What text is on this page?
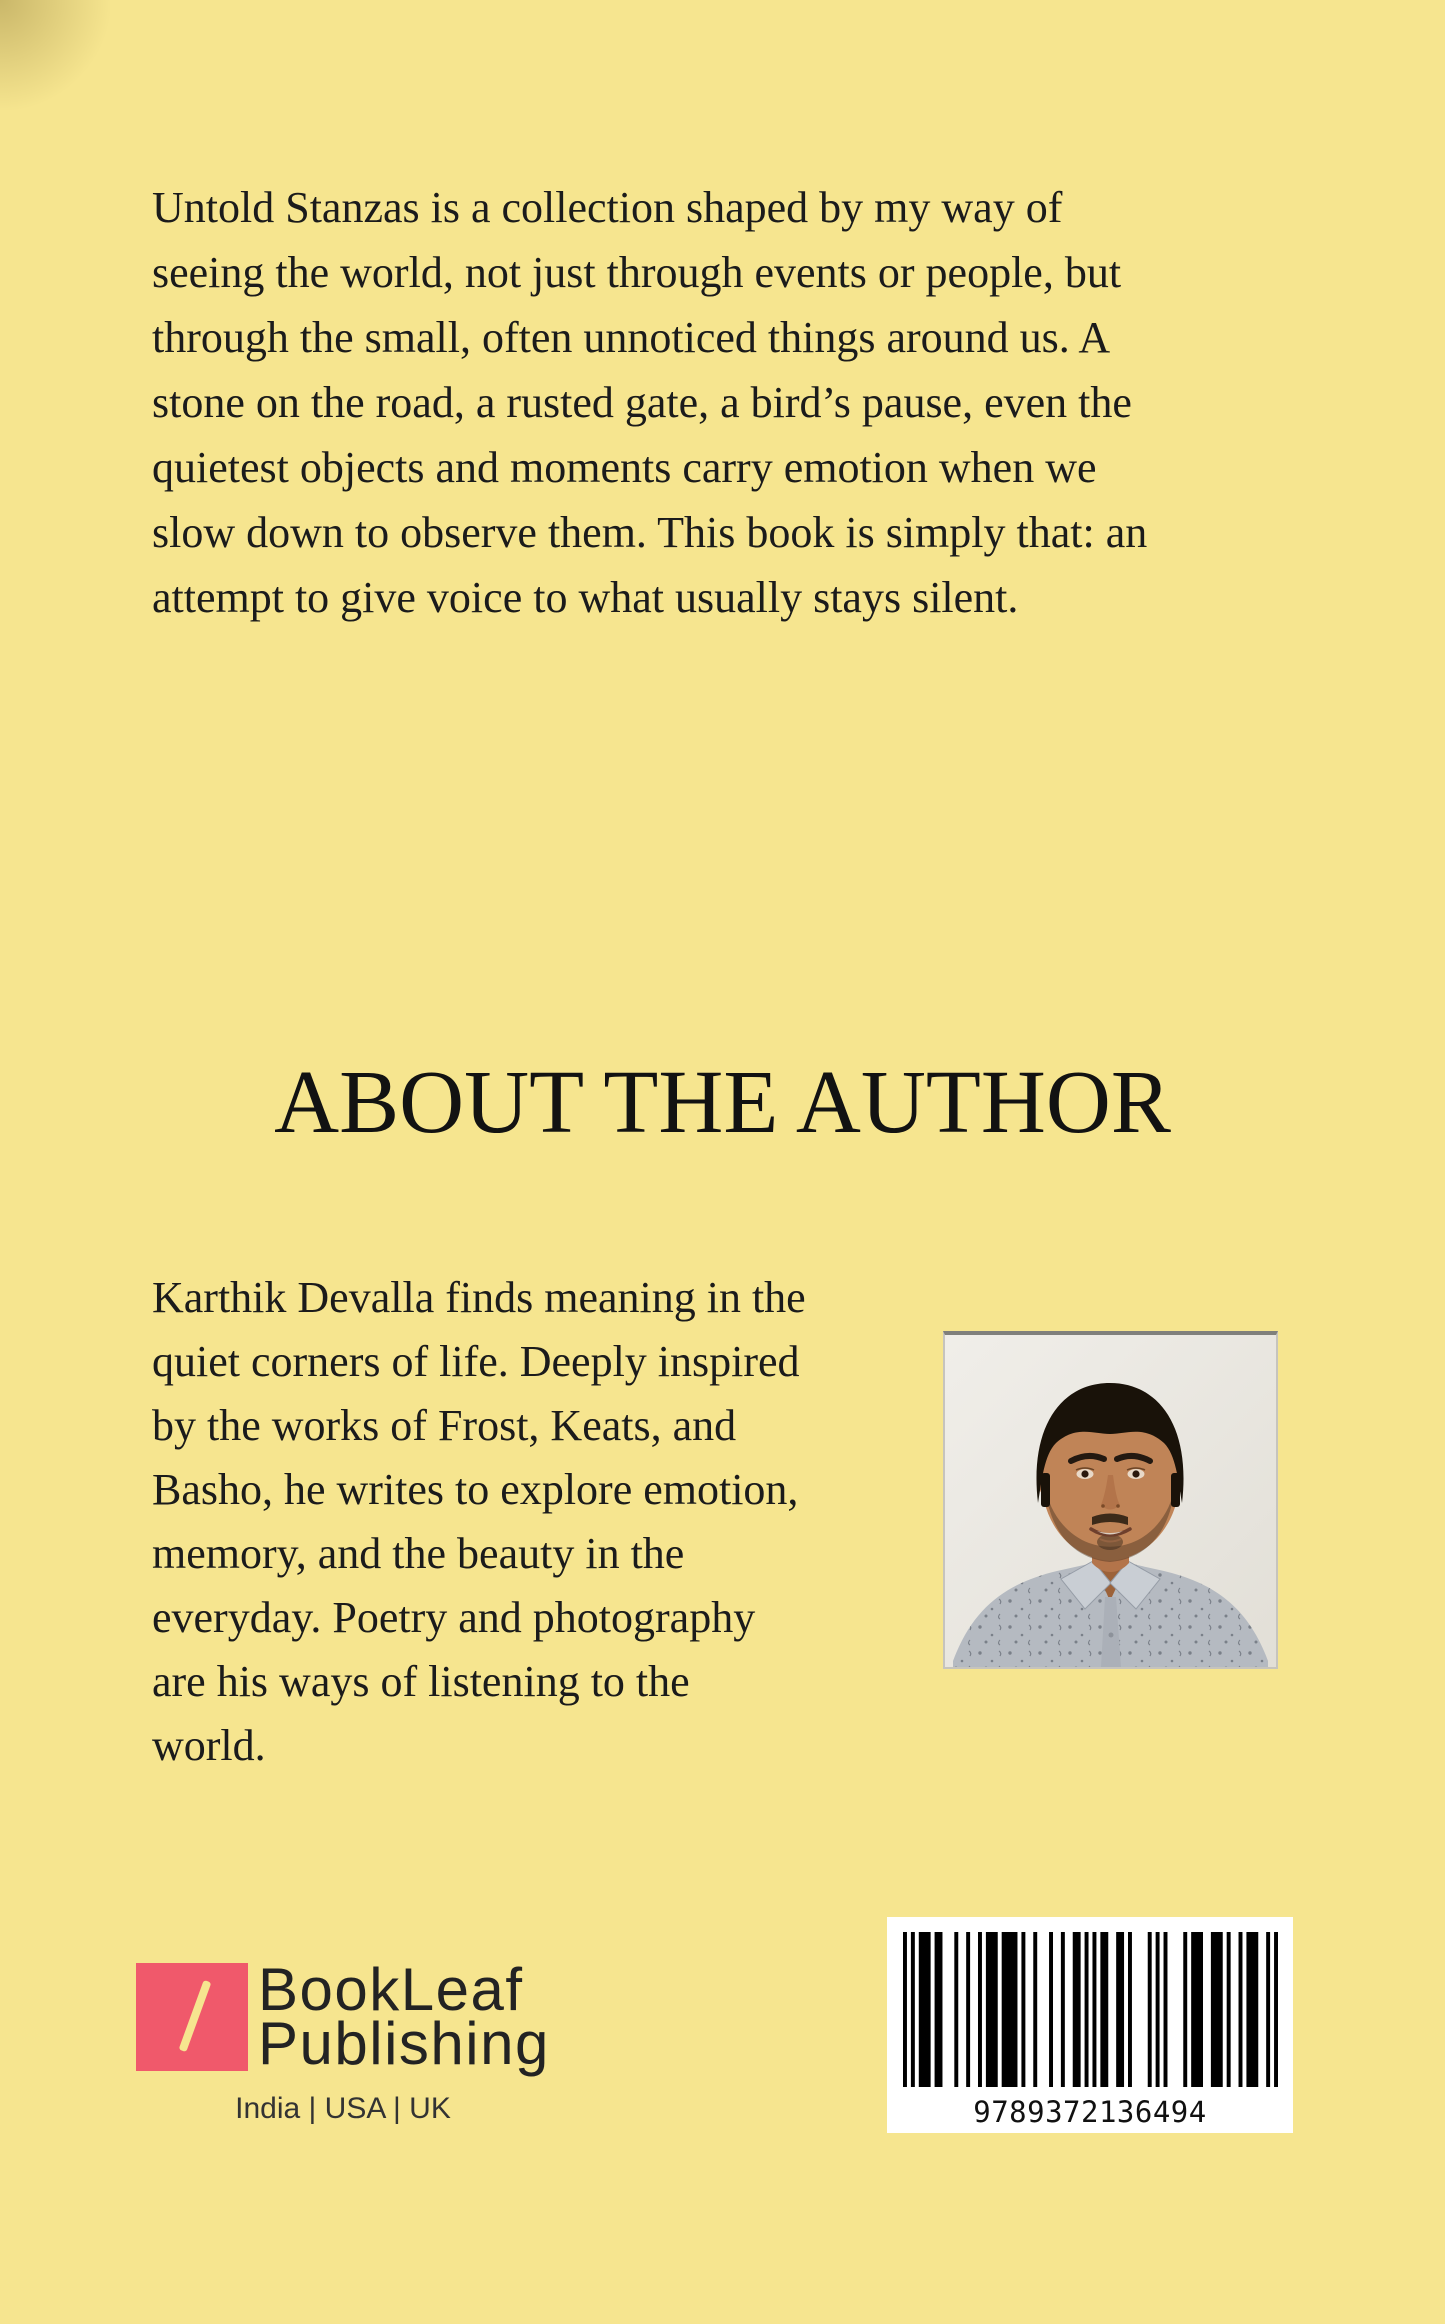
Untold Stanzas is a collection shaped by my way of
seeing the world, not just through events or people, but
through the small, often unnoticed things around us. A
stone on the road, a rusted gate, a bird’s pause, even the
quietest objects and moments carry emotion when we
slow down to observe them. This book is simply that: an
attempt to give voice to what usually stays silent.
ABOUT THE AUTHOR
Karthik Devalla finds meaning in the
quiet corners of life. Deeply inspired
by the works of Frost, Keats, and
Basho, he writes to explore emotion,
memory, and the beauty in the
everyday. Poetry and photography
are his ways of listening to the
world.
BookLeaf
Publishing
India | USA | UK	9789372136494
